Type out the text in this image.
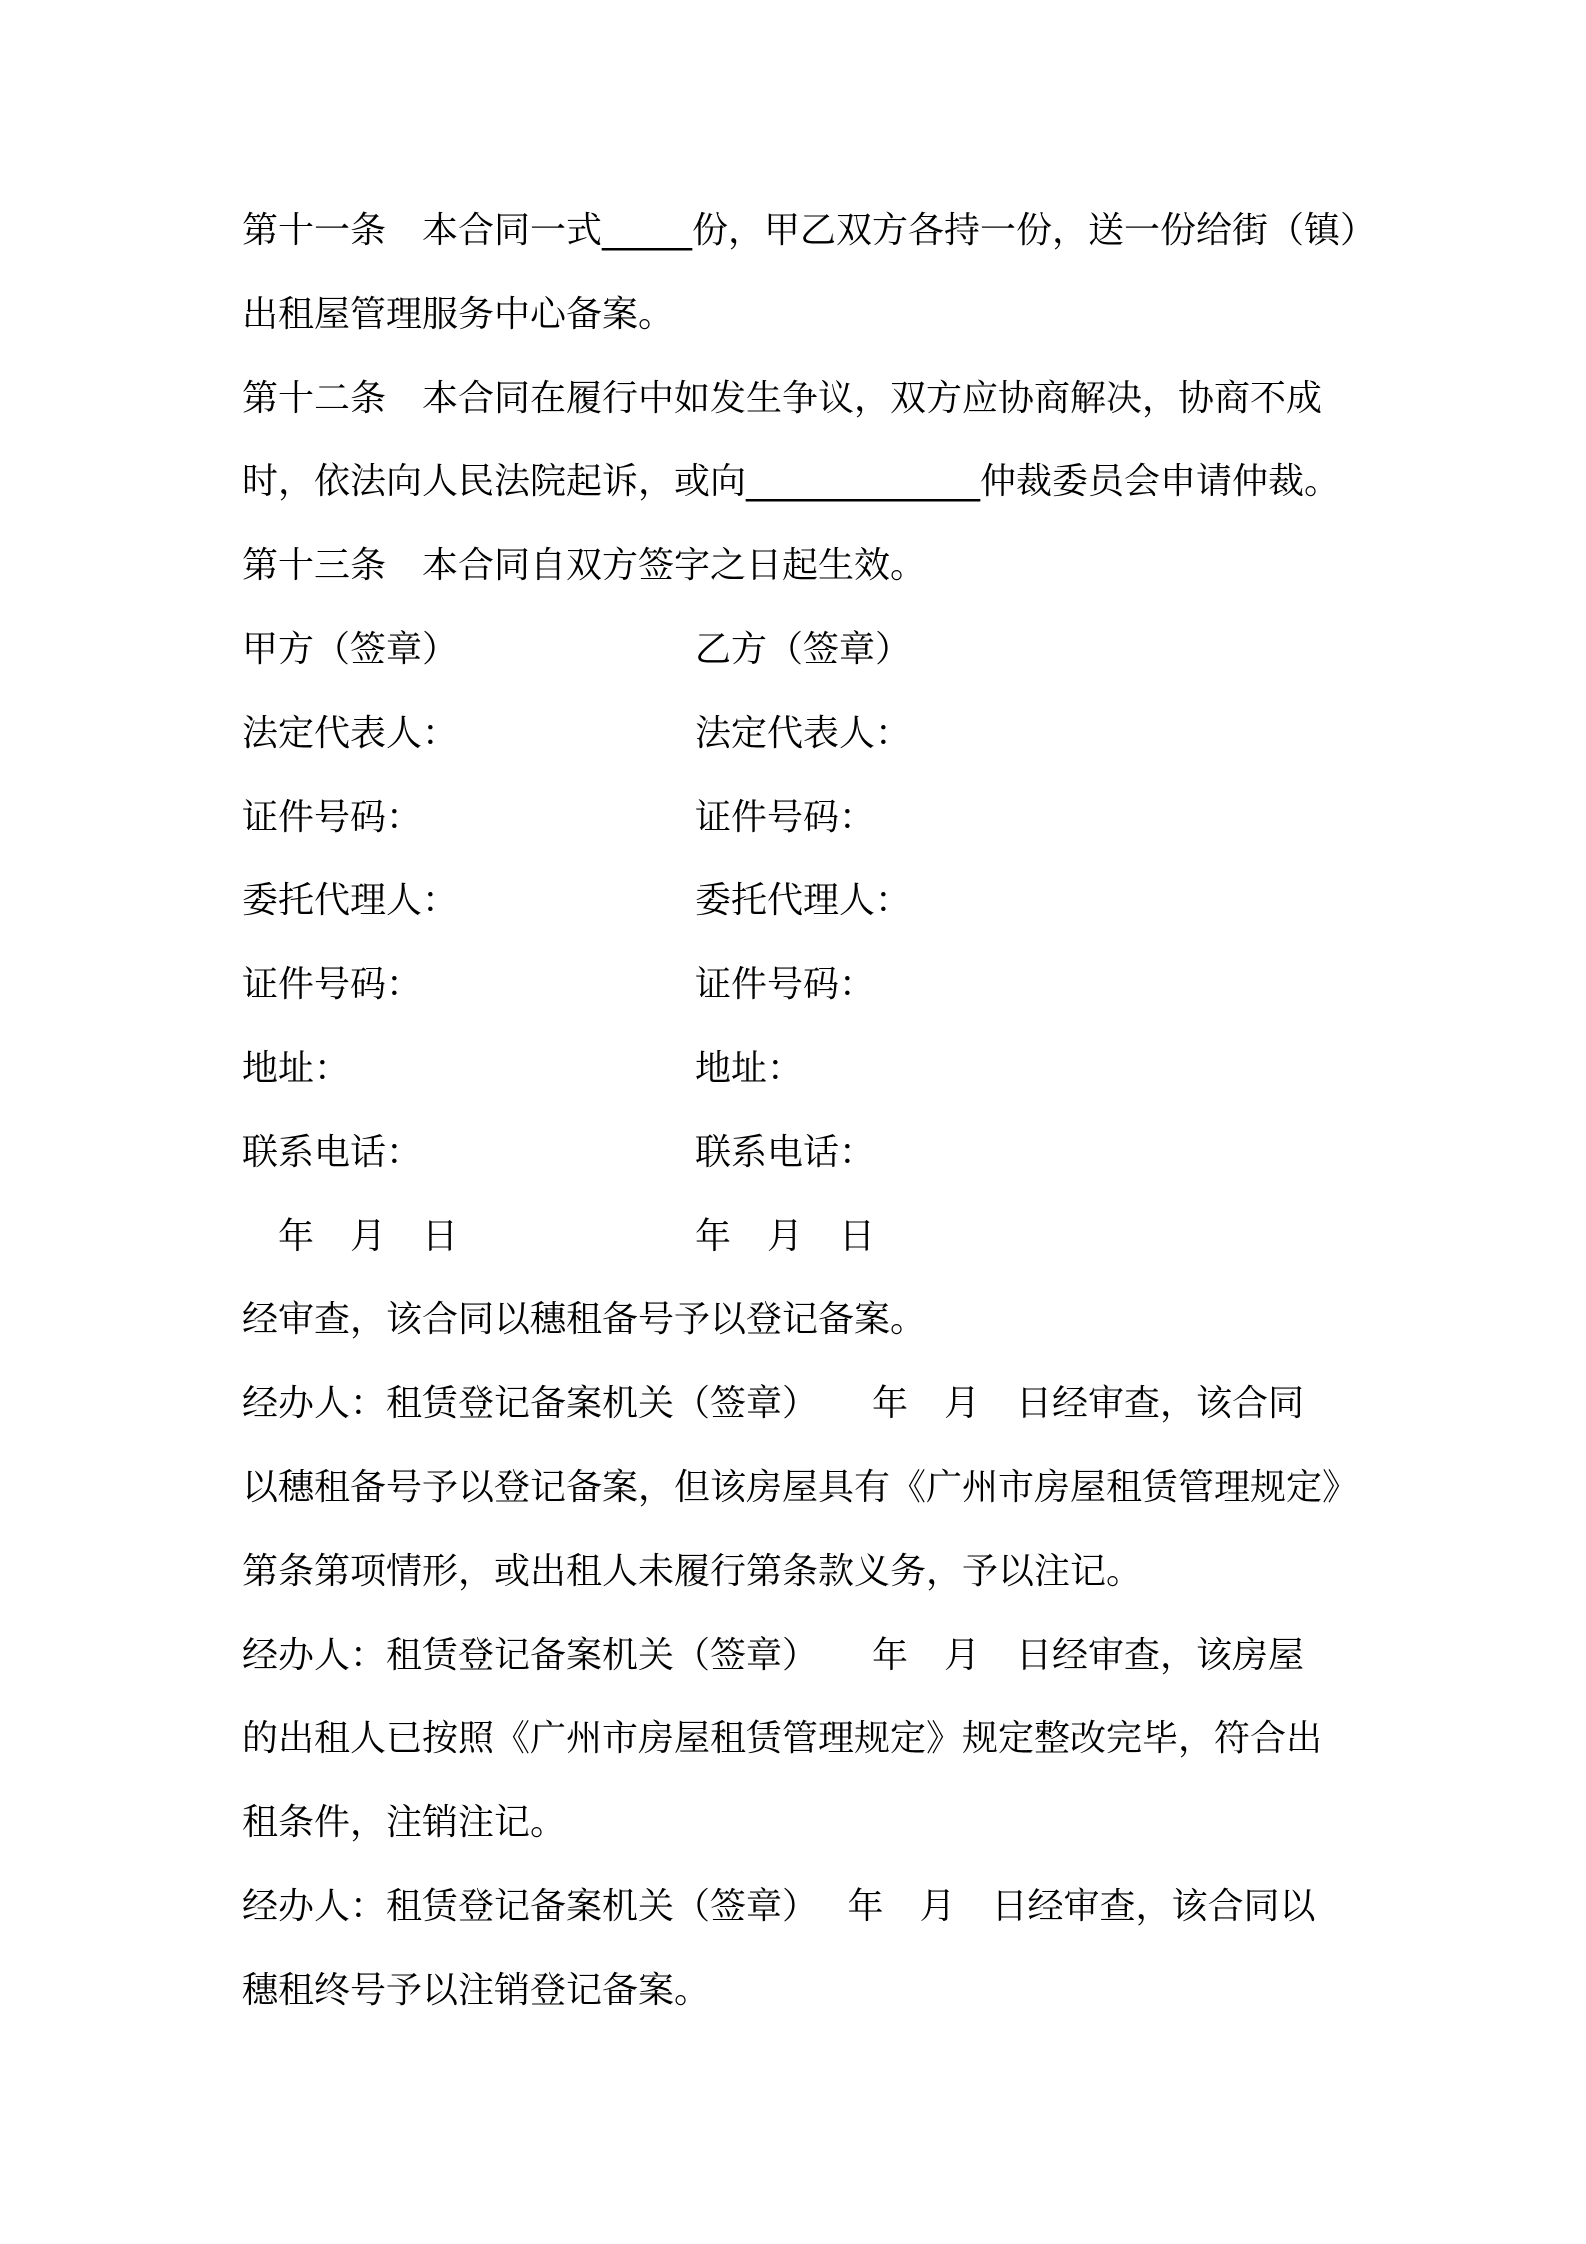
第十一条　本合同一式_____份，甲乙双方各持一份，送一份给街（镇）
出租屋管理服务中心备案。
第十二条　本合同在履行中如发生争议，双方应协商解决，协商不成
时，依法向人民法院起诉，或向_____________仲裁委员会申请仲裁。
第十三条　本合同自双方签字之日起生效。
甲方（签章）	乙方（签章）
法定代表人：	法定代表人：
证件号码：	证件号码：
委托代理人：	委托代理人：
证件号码：	证件号码：
地址：	地址：
联系电话：	联系电话：
　年　月　日	年　月　日
经审查，该合同以穗租备号予以登记备案。
经办人：租赁登记备案机关（签章）　　年　月　日经审查，该合同
以穗租备号予以登记备案，但该房屋具有《广州市房屋租赁管理规定》
第条第项情形，或出租人未履行第条款义务，予以注记。
经办人：租赁登记备案机关（签章）　　年　月　日经审查，该房屋
的出租人已按照《广州市房屋租赁管理规定》规定整改完毕，符合出
租条件，注销注记。
经办人：租赁登记备案机关（签章）　 年　月　日经审查，该合同以
穗租终号予以注销登记备案。
